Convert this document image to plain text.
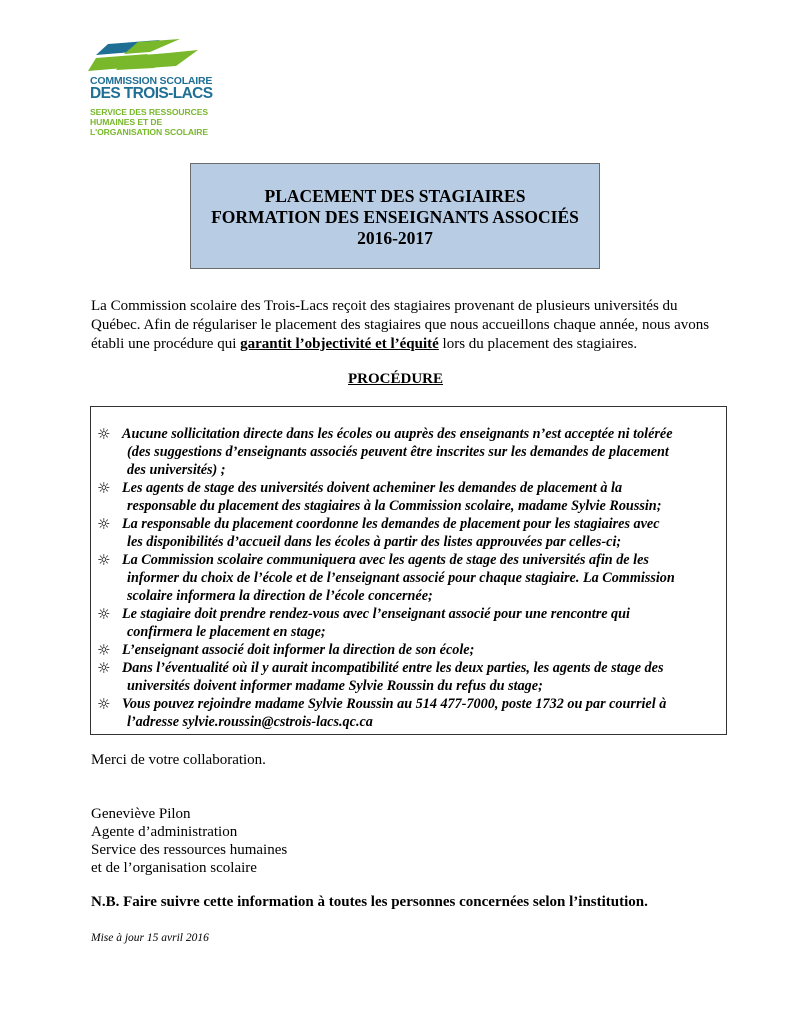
COMMISSION SCOLAIRE
DES TROIS-LACS
SERVICE DES RESSOURCES
HUMAINES ET DE
L'ORGANISATION SCOLAIRE
PLACEMENT DES STAGIAIRES
FORMATION DES ENSEIGNANTS ASSOCIÉS
2016-2017
La Commission scolaire des Trois-Lacs reçoit des stagiaires provenant de plusieurs universités du Québec. Afin de régulariser le placement des stagiaires que nous accueillons chaque année, nous avons établi une procédure qui garantit l’objectivité et l’équité lors du placement des stagiaires.
PROCÉDURE
☼ Aucune sollicitation directe dans les écoles ou auprès des enseignants n’est acceptée ni tolérée
(des suggestions d’enseignants associés peuvent être inscrites sur les demandes de placement
des universités) ;
☼ Les agents de stage des universités doivent acheminer les demandes de placement à la
responsable du placement des stagiaires à la Commission scolaire, madame Sylvie Roussin;
☼ La responsable du placement coordonne les demandes de placement pour les stagiaires avec
les disponibilités d’accueil dans les écoles à partir des listes approuvées par celles-ci;
☼ La Commission scolaire communiquera avec les agents de stage des universités afin de les
informer du choix de l’école et de l’enseignant associé pour chaque stagiaire. La Commission
scolaire informera la direction de l’école concernée;
☼ Le stagiaire doit prendre rendez-vous avec l’enseignant associé pour une rencontre qui
confirmera le placement en stage;
☼ L’enseignant associé doit informer la direction de son école;
☼ Dans l’éventualité où il y aurait incompatibilité entre les deux parties, les agents de stage des
universités doivent informer madame Sylvie Roussin du refus du stage;
☼ Vous pouvez rejoindre madame Sylvie Roussin au 514 477-7000, poste 1732 ou par courriel à
l’adresse sylvie.roussin@cstrois-lacs.qc.ca
Merci de votre collaboration.
Geneviève Pilon
Agente d’administration
Service des ressources humaines
et de l’organisation scolaire
N.B. Faire suivre cette information à toutes les personnes concernées selon l’institution.
Mise à jour 15 avril 2016
